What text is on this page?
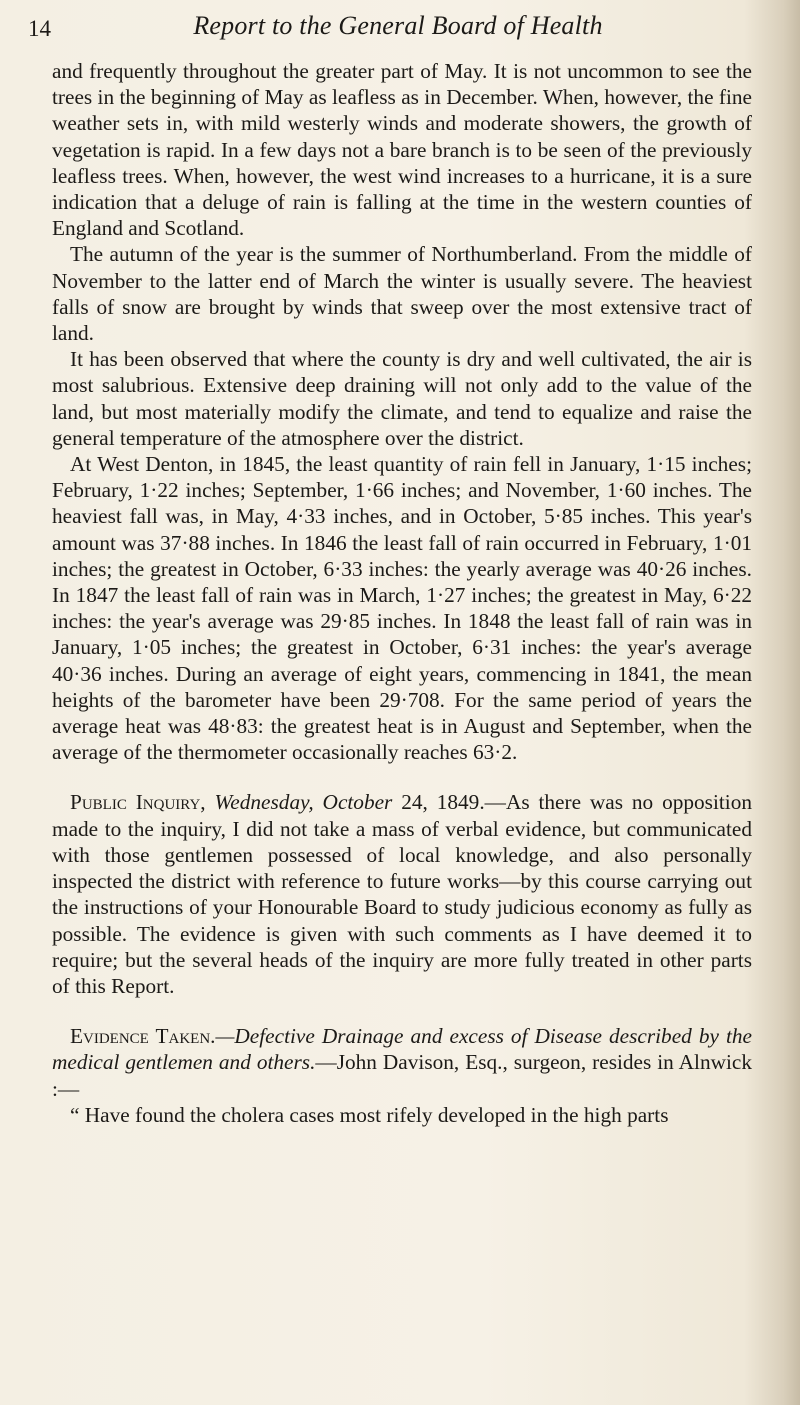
14	Report to the General Board of Health

and frequently throughout the greater part of May. It is not uncommon to see the trees in the beginning of May as leafless as in December. When, however, the fine weather sets in, with mild westerly winds and moderate showers, the growth of vegetation is rapid. In a few days not a bare branch is to be seen of the previously leafless trees. When, however, the west wind increases to a hurricane, it is a sure indication that a deluge of rain is falling at the time in the western counties of England and Scotland.

The autumn of the year is the summer of Northumberland. From the middle of November to the latter end of March the winter is usually severe. The heaviest falls of snow are brought by winds that sweep over the most extensive tract of land.

It has been observed that where the county is dry and well cultivated, the air is most salubrious. Extensive deep draining will not only add to the value of the land, but most materially modify the climate, and tend to equalize and raise the general temperature of the atmosphere over the district.

At West Denton, in 1845, the least quantity of rain fell in January, 1·15 inches; February, 1·22 inches; September, 1·66 inches; and November, 1·60 inches. The heaviest fall was, in May, 4·33 inches, and in October, 5·85 inches. This year's amount was 37·88 inches. In 1846 the least fall of rain occurred in February, 1·01 inches; the greatest in October, 6·33 inches: the yearly average was 40·26 inches. In 1847 the least fall of rain was in March, 1·27 inches; the greatest in May, 6·22 inches: the year's average was 29·85 inches. In 1848 the least fall of rain was in January, 1·05 inches; the greatest in October, 6·31 inches: the year's average 40·36 inches. During an average of eight years, commencing in 1841, the mean heights of the barometer have been 29·708. For the same period of years the average heat was 48·83: the greatest heat is in August and September, when the average of the thermometer occasionally reaches 63·2.

Public Inquiry, Wednesday, October 24, 1849.—As there was no opposition made to the inquiry, I did not take a mass of verbal evidence, but communicated with those gentlemen possessed of local knowledge, and also personally inspected the district with reference to future works—by this course carrying out the instructions of your Honourable Board to study judicious economy as fully as possible. The evidence is given with such comments as I have deemed it to require; but the several heads of the inquiry are more fully treated in other parts of this Report.

Evidence Taken.—Defective Drainage and excess of Disease described by the medical gentlemen and others.—John Davison, Esq., surgeon, resides in Alnwick :—

“ Have found the cholera cases most rifely developed in the high parts
